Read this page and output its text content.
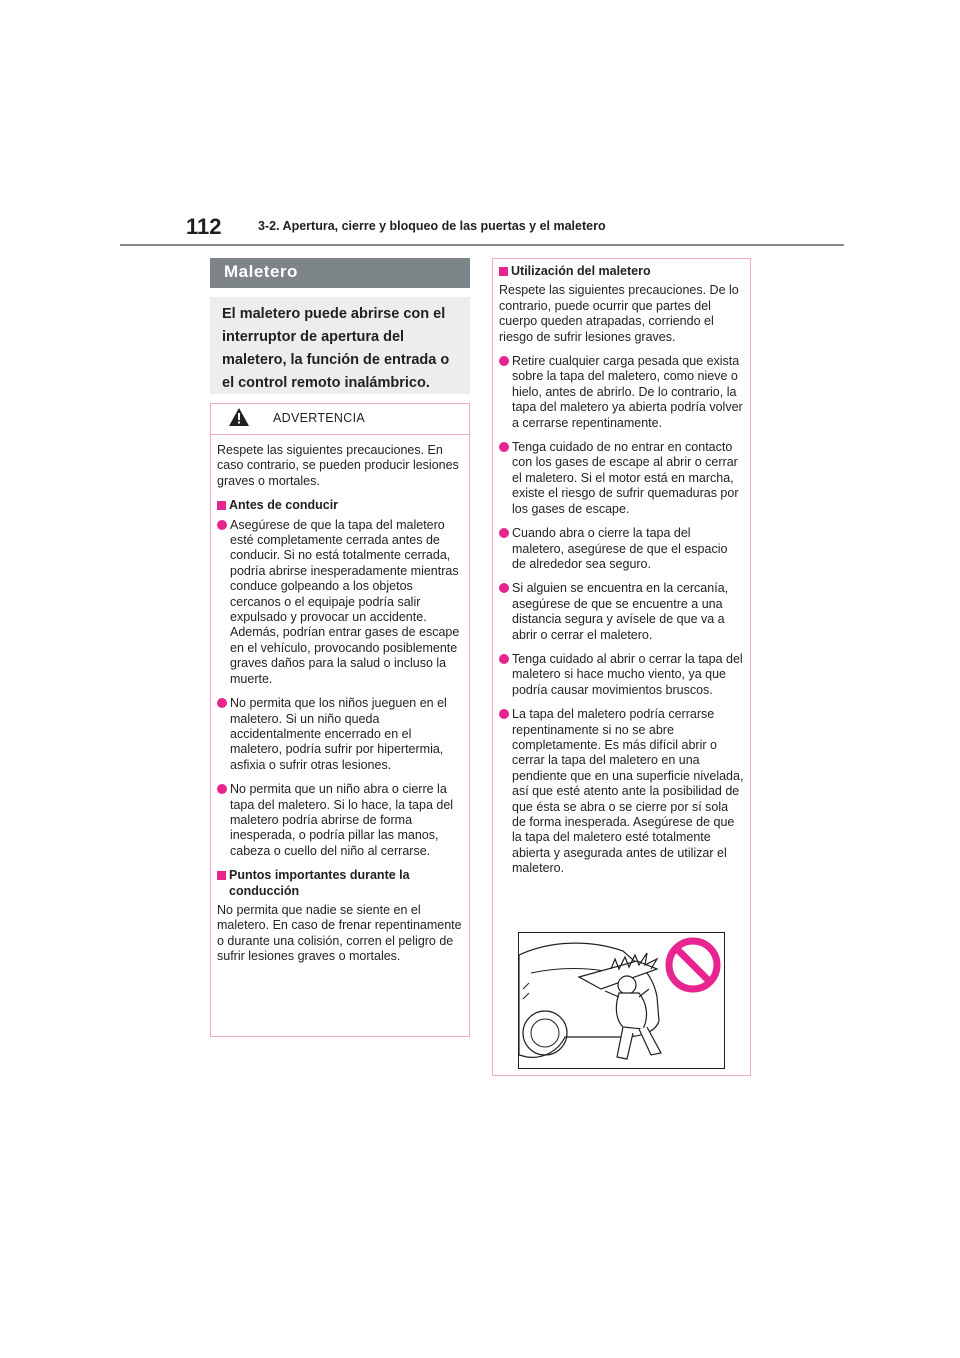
112	3-2. Apertura, cierre y bloqueo de las puertas y el maletero
Maletero
El maletero puede abrirse con el interruptor de apertura del maletero, la función de entrada o el control remoto inalámbrico.
ADVERTENCIA

Respete las siguientes precauciones. En caso contrario, se pueden producir lesiones graves o mortales.

Antes de conducir

Asegúrese de que la tapa del maletero esté completamente cerrada antes de conducir. Si no está totalmente cerrada, podría abrirse inesperadamente mientras conduce golpeando a los objetos cercanos o el equipaje podría salir expulsado y provocar un accidente. Además, podrían entrar gases de escape en el vehículo, provocando posiblemente graves daños para la salud o incluso la muerte.

No permita que los niños jueguen en el maletero. Si un niño queda accidentalmente encerrado en el maletero, podría sufrir por hipertermia, asfixia o sufrir otras lesiones.

No permita que un niño abra o cierre la tapa del maletero. Si lo hace, la tapa del maletero podría abrirse de forma inesperada, o podría pillar las manos, cabeza o cuello del niño al cerrarse.

Puntos importantes durante la conducción

No permita que nadie se siente en el maletero. En caso de frenar repentinamente o durante una colisión, corren el peligro de sufrir lesiones graves o mortales.

Utilización del maletero

Respete las siguientes precauciones. De lo contrario, puede ocurrir que partes del cuerpo queden atrapadas, corriendo el riesgo de sufrir lesiones graves.

Retire cualquier carga pesada que exista sobre la tapa del maletero, como nieve o hielo, antes de abrirlo. De lo contrario, la tapa del maletero ya abierta podría volver a cerrarse repentinamente.

Tenga cuidado de no entrar en contacto con los gases de escape al abrir o cerrar el maletero. Si el motor está en marcha, existe el riesgo de sufrir quemaduras por los gases de escape.

Cuando abra o cierre la tapa del maletero, asegúrese de que el espacio de alrededor sea seguro.

Si alguien se encuentra en la cercanía, asegúrese de que se encuentre a una distancia segura y avísele de que va a abrir o cerrar el maletero.

Tenga cuidado al abrir o cerrar la tapa del maletero si hace mucho viento, ya que podría causar movimientos bruscos.

La tapa del maletero podría cerrarse repentinamente si no se abre completamente. Es más difícil abrir o cerrar la tapa del maletero en una pendiente que en una superficie nivelada, así que esté atento ante la posibilidad de que ésta se abra o se cierre por sí sola de forma inesperada. Asegúrese de que la tapa del maletero esté totalmente abierta y asegurada antes de utilizar el maletero.
